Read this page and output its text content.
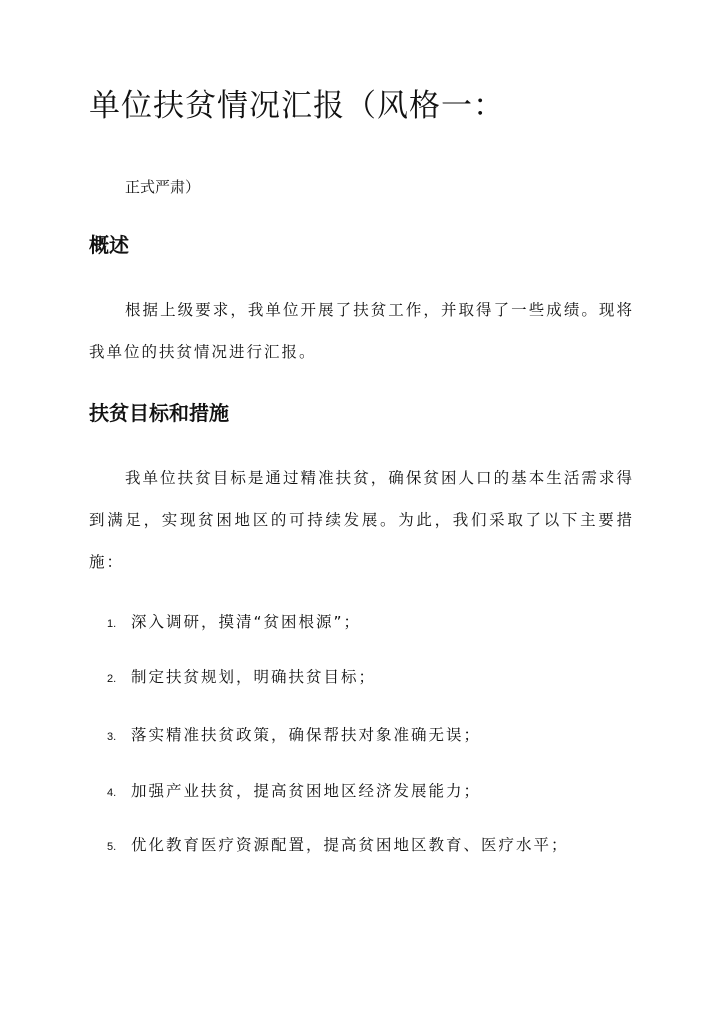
单位扶贫情况汇报（风格一：
正式严肃）
概述
根据上级要求，我单位开展了扶贫工作，并取得了一些成绩。现将我单位的扶贫情况进行汇报。
扶贫目标和措施
我单位扶贫目标是通过精准扶贫，确保贫困人口的基本生活需求得到满足，实现贫困地区的可持续发展。为此，我们采取了以下主要措施：
1. 深入调研，摸清“贫困根源”；
2. 制定扶贫规划，明确扶贫目标；
3. 落实精准扶贫政策，确保帮扶对象准确无误；
4. 加强产业扶贫，提高贫困地区经济发展能力；
5. 优化教育医疗资源配置，提高贫困地区教育、医疗水平；
